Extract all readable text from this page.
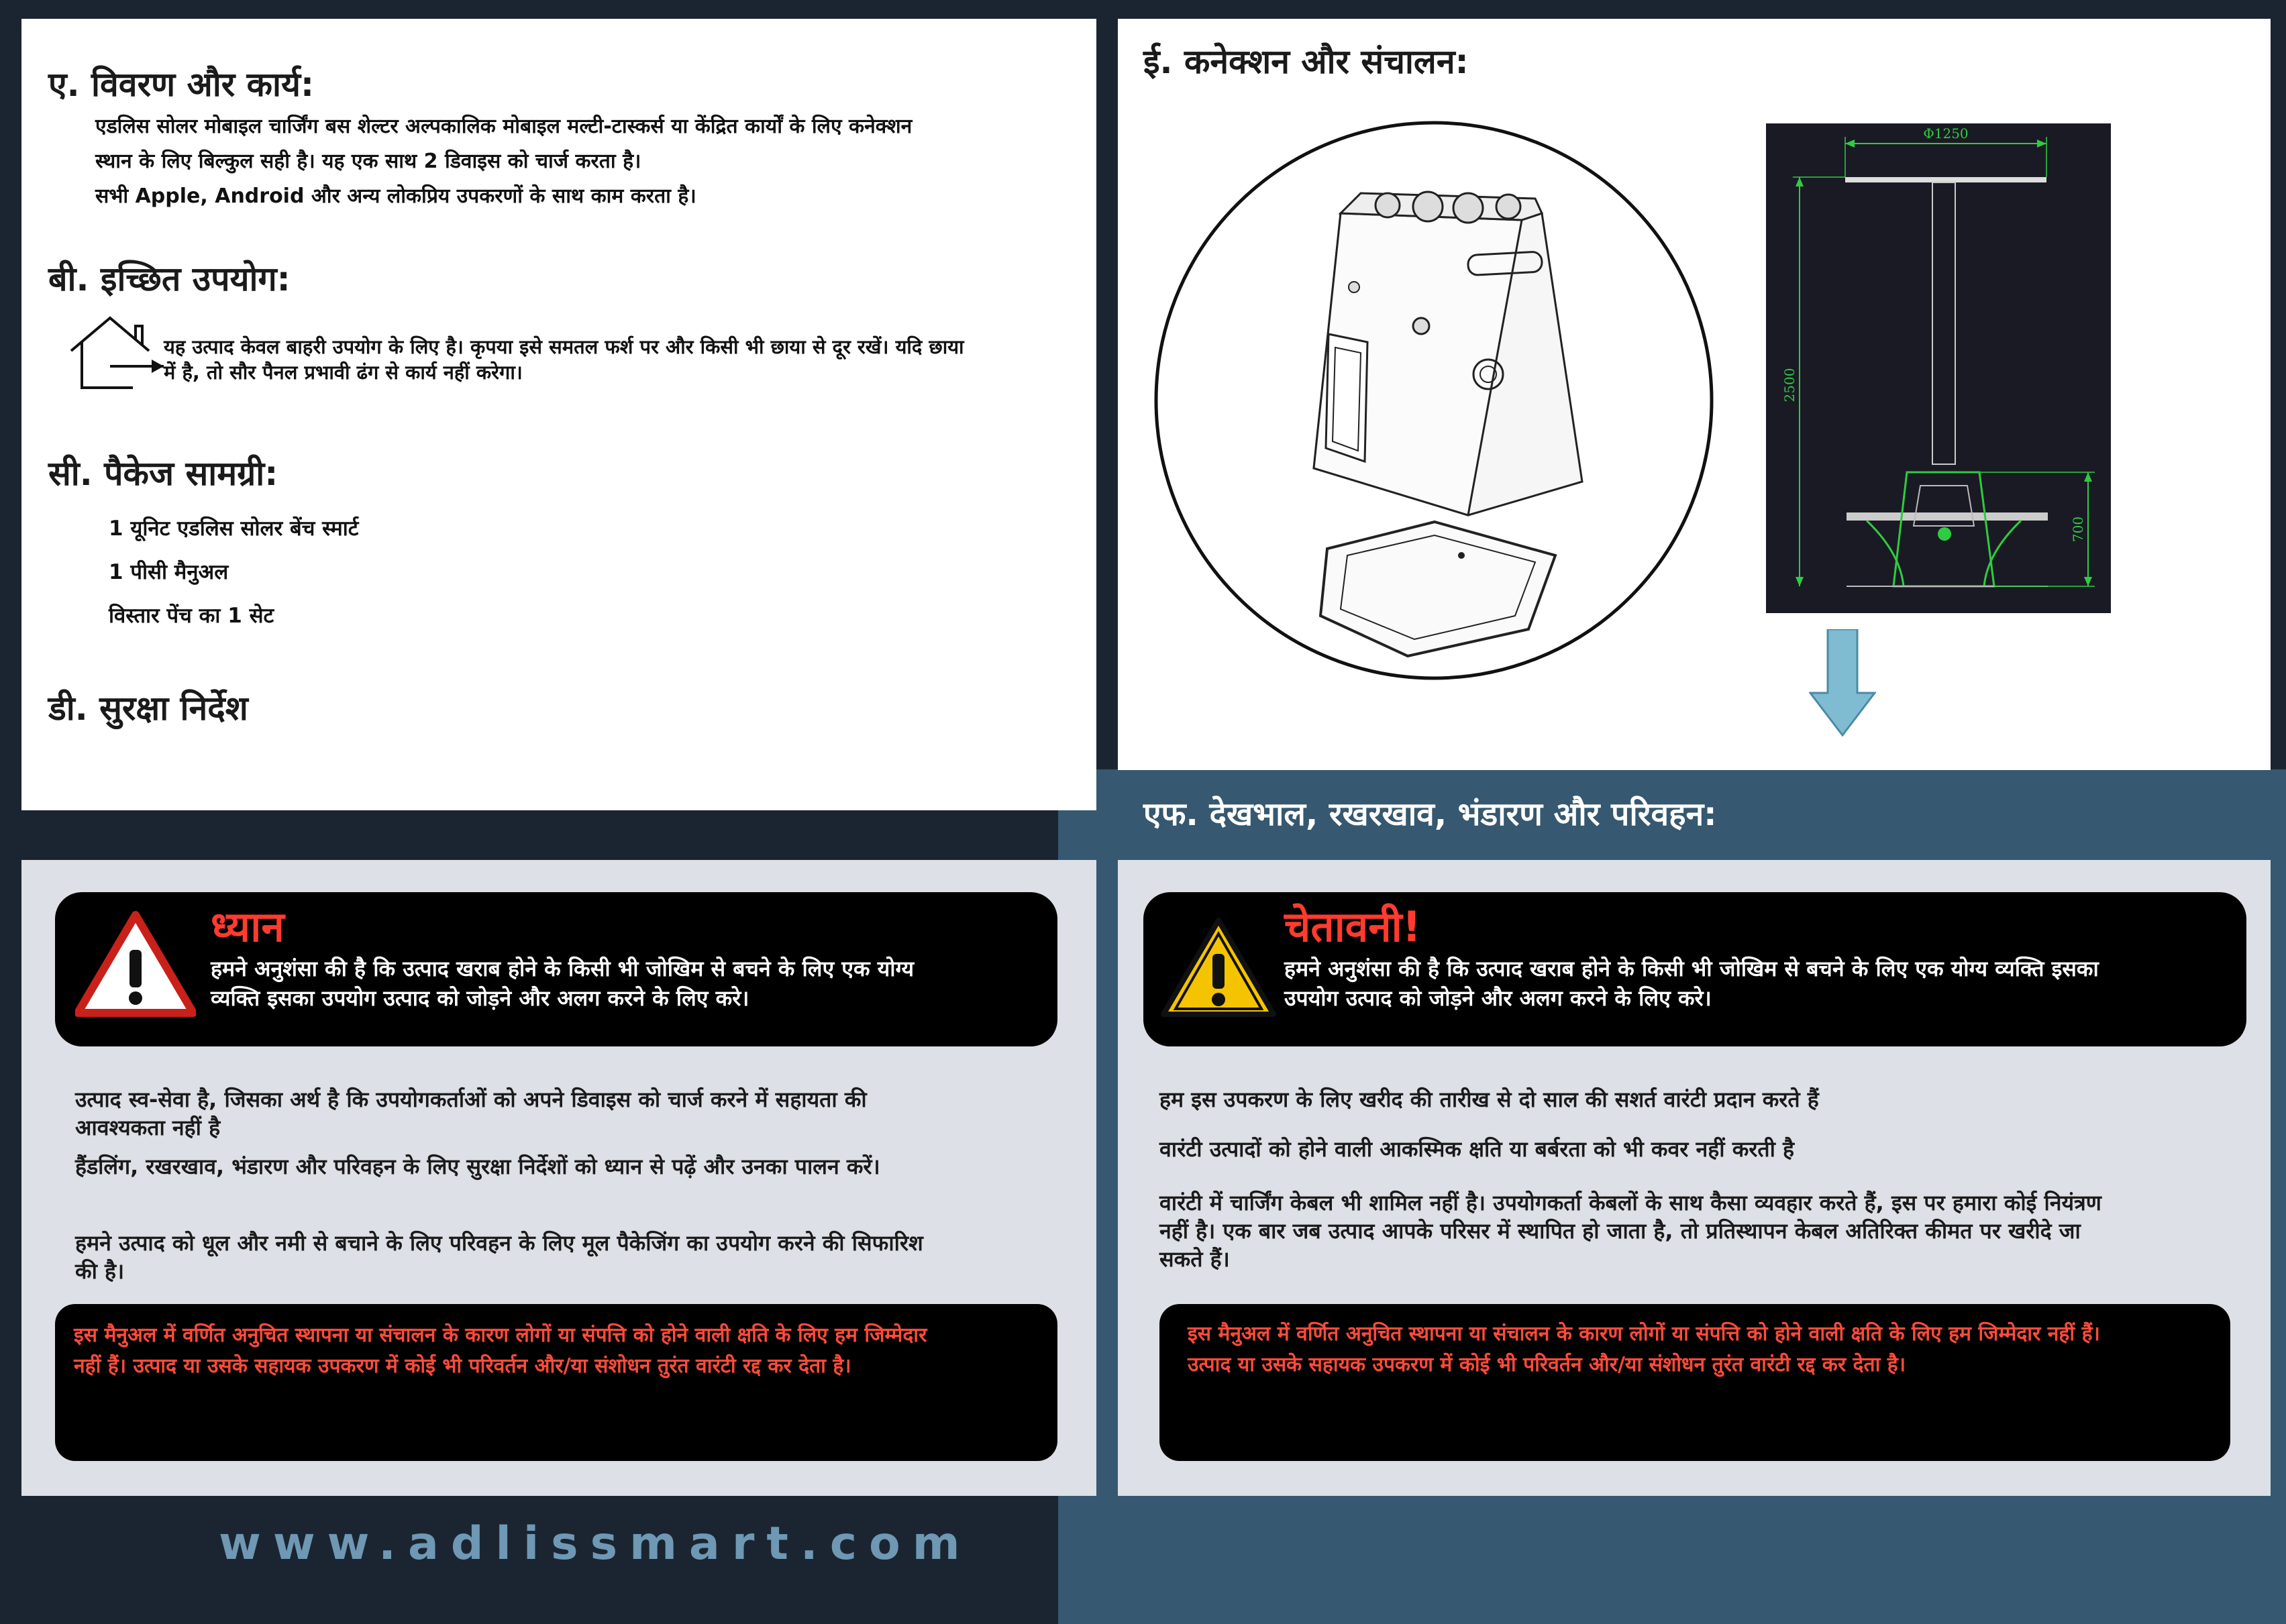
ए. विवरण और कार्य:
एडलिस सोलर मोबाइल चार्जिंग बस शेल्टर अल्पकालिक मोबाइल मल्टी-टास्कर्स या केंद्रित कार्यों के लिए कनेक्शन
स्थान के लिए बिल्कुल सही है। यह एक साथ 2 डिवाइस को चार्ज करता है।
सभी Apple, Android और अन्य लोकप्रिय उपकरणों के साथ काम करता है।
बी. इच्छित उपयोग:
यह उत्पाद केवल बाहरी उपयोग के लिए है। कृपया इसे समतल फर्श पर और किसी भी छाया से दूर रखें। यदि छाया
में है, तो सौर पैनल प्रभावी ढंग से कार्य नहीं करेगा।
सी. पैकेज सामग्री:
1 यूनिट एडलिस सोलर बेंच स्मार्ट
1 पीसी मैनुअल
विस्तार पेंच का 1 सेट
डी. सुरक्षा निर्देश
ई. कनेक्शन और संचालन:
Φ1250
2500
700
एफ. देखभाल, रखरखाव, भंडारण और परिवहन:
ध्यान
हमने अनुशंसा की है कि उत्पाद खराब होने के किसी भी जोखिम से बचने के लिए एक योग्य
व्यक्ति इसका उपयोग उत्पाद को जोड़ने और अलग करने के लिए करे।
उत्पाद स्व-सेवा है, जिसका अर्थ है कि उपयोगकर्ताओं को अपने डिवाइस को चार्ज करने में सहायता की
आवश्यकता नहीं है
हैंडलिंग, रखरखाव, भंडारण और परिवहन के लिए सुरक्षा निर्देशों को ध्यान से पढ़ें और उनका पालन करें।
हमने उत्पाद को धूल और नमी से बचाने के लिए परिवहन के लिए मूल पैकेजिंग का उपयोग करने की सिफारिश
की है।
इस मैनुअल में वर्णित अनुचित स्थापना या संचालन के कारण लोगों या संपत्ति को होने वाली क्षति के लिए हम जिम्मेदार
नहीं हैं। उत्पाद या उसके सहायक उपकरण में कोई भी परिवर्तन और/या संशोधन तुरंत वारंटी रद्द कर देता है।
चेतावनी!
हमने अनुशंसा की है कि उत्पाद खराब होने के किसी भी जोखिम से बचने के लिए एक योग्य व्यक्ति इसका
उपयोग उत्पाद को जोड़ने और अलग करने के लिए करे।
हम इस उपकरण के लिए खरीद की तारीख से दो साल की सशर्त वारंटी प्रदान करते हैं
वारंटी उत्पादों को होने वाली आकस्मिक क्षति या बर्बरता को भी कवर नहीं करती है
वारंटी में चार्जिंग केबल भी शामिल नहीं है। उपयोगकर्ता केबलों के साथ कैसा व्यवहार करते हैं, इस पर हमारा कोई नियंत्रण
नहीं है। एक बार जब उत्पाद आपके परिसर में स्थापित हो जाता है, तो प्रतिस्थापन केबल अतिरिक्त कीमत पर खरीदे जा
सकते हैं।
इस मैनुअल में वर्णित अनुचित स्थापना या संचालन के कारण लोगों या संपत्ति को होने वाली क्षति के लिए हम जिम्मेदार नहीं हैं।
उत्पाद या उसके सहायक उपकरण में कोई भी परिवर्तन और/या संशोधन तुरंत वारंटी रद्द कर देता है।
www.adlissmart.com
